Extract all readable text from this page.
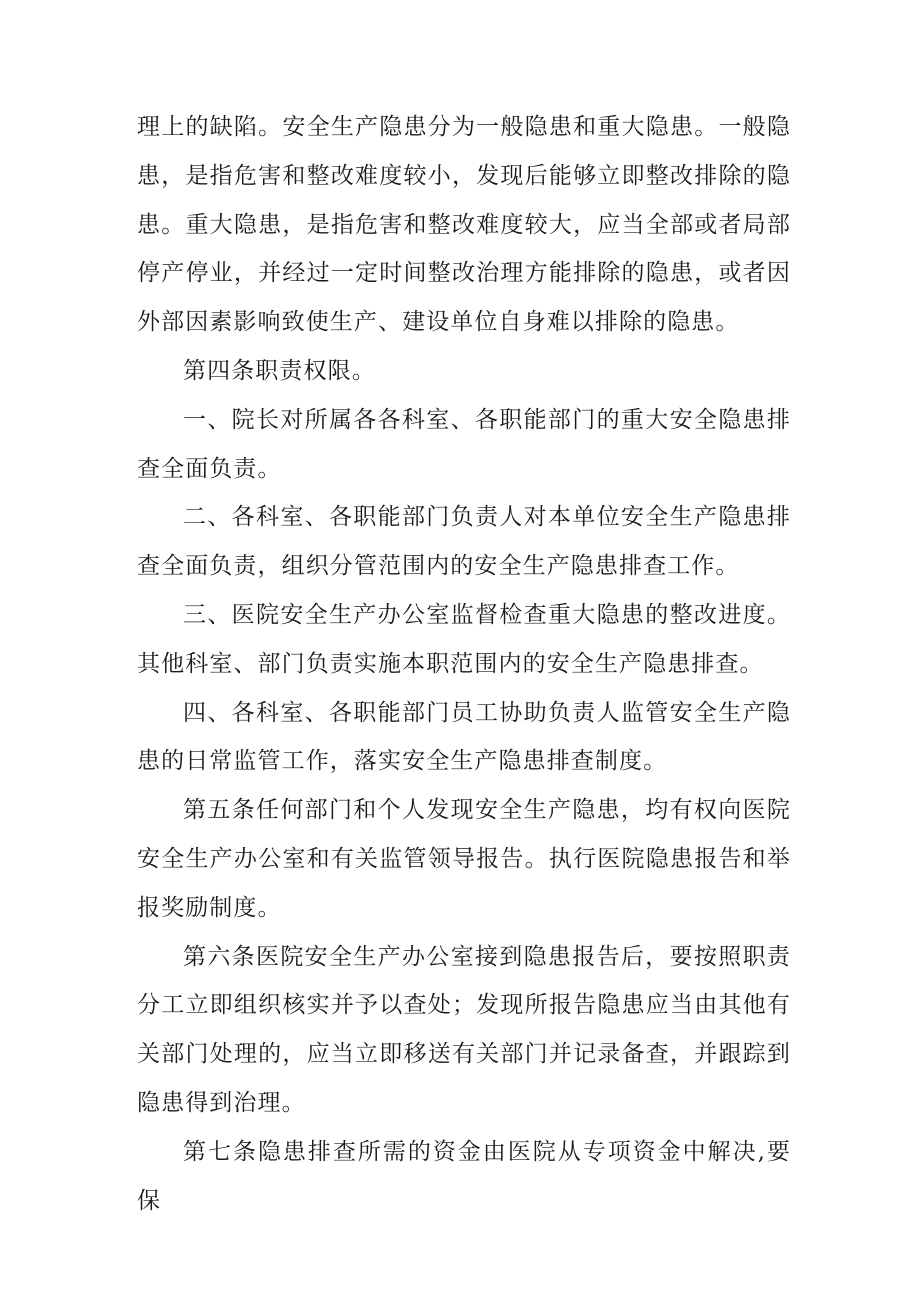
理上的缺陷。安全生产隐患分为一般隐患和重大隐患。一般隐患，是指危害和整改难度较小，发现后能够立即整改排除的隐患。重大隐患，是指危害和整改难度较大，应当全部或者局部停产停业，并经过一定时间整改治理方能排除的隐患，或者因外部因素影响致使生产、建设单位自身难以排除的隐患。

第四条职责权限。

一、院长对所属各各科室、各职能部门的重大安全隐患排查全面负责。

二、各科室、各职能部门负责人对本单位安全生产隐患排查全面负责，组织分管范围内的安全生产隐患排查工作。

三、医院安全生产办公室监督检查重大隐患的整改进度。其他科室、部门负责实施本职范围内的安全生产隐患排查。

四、各科室、各职能部门员工协助负责人监管安全生产隐患的日常监管工作，落实安全生产隐患排查制度。

第五条任何部门和个人发现安全生产隐患，均有权向医院安全生产办公室和有关监管领导报告。执行医院隐患报告和举报奖励制度。

第六条医院安全生产办公室接到隐患报告后，要按照职责分工立即组织核实并予以查处；发现所报告隐患应当由其他有关部门处理的，应当立即移送有关部门并记录备查，并跟踪到隐患得到治理。

第七条隐患排查所需的资金由医院从专项资金中解决,要保
